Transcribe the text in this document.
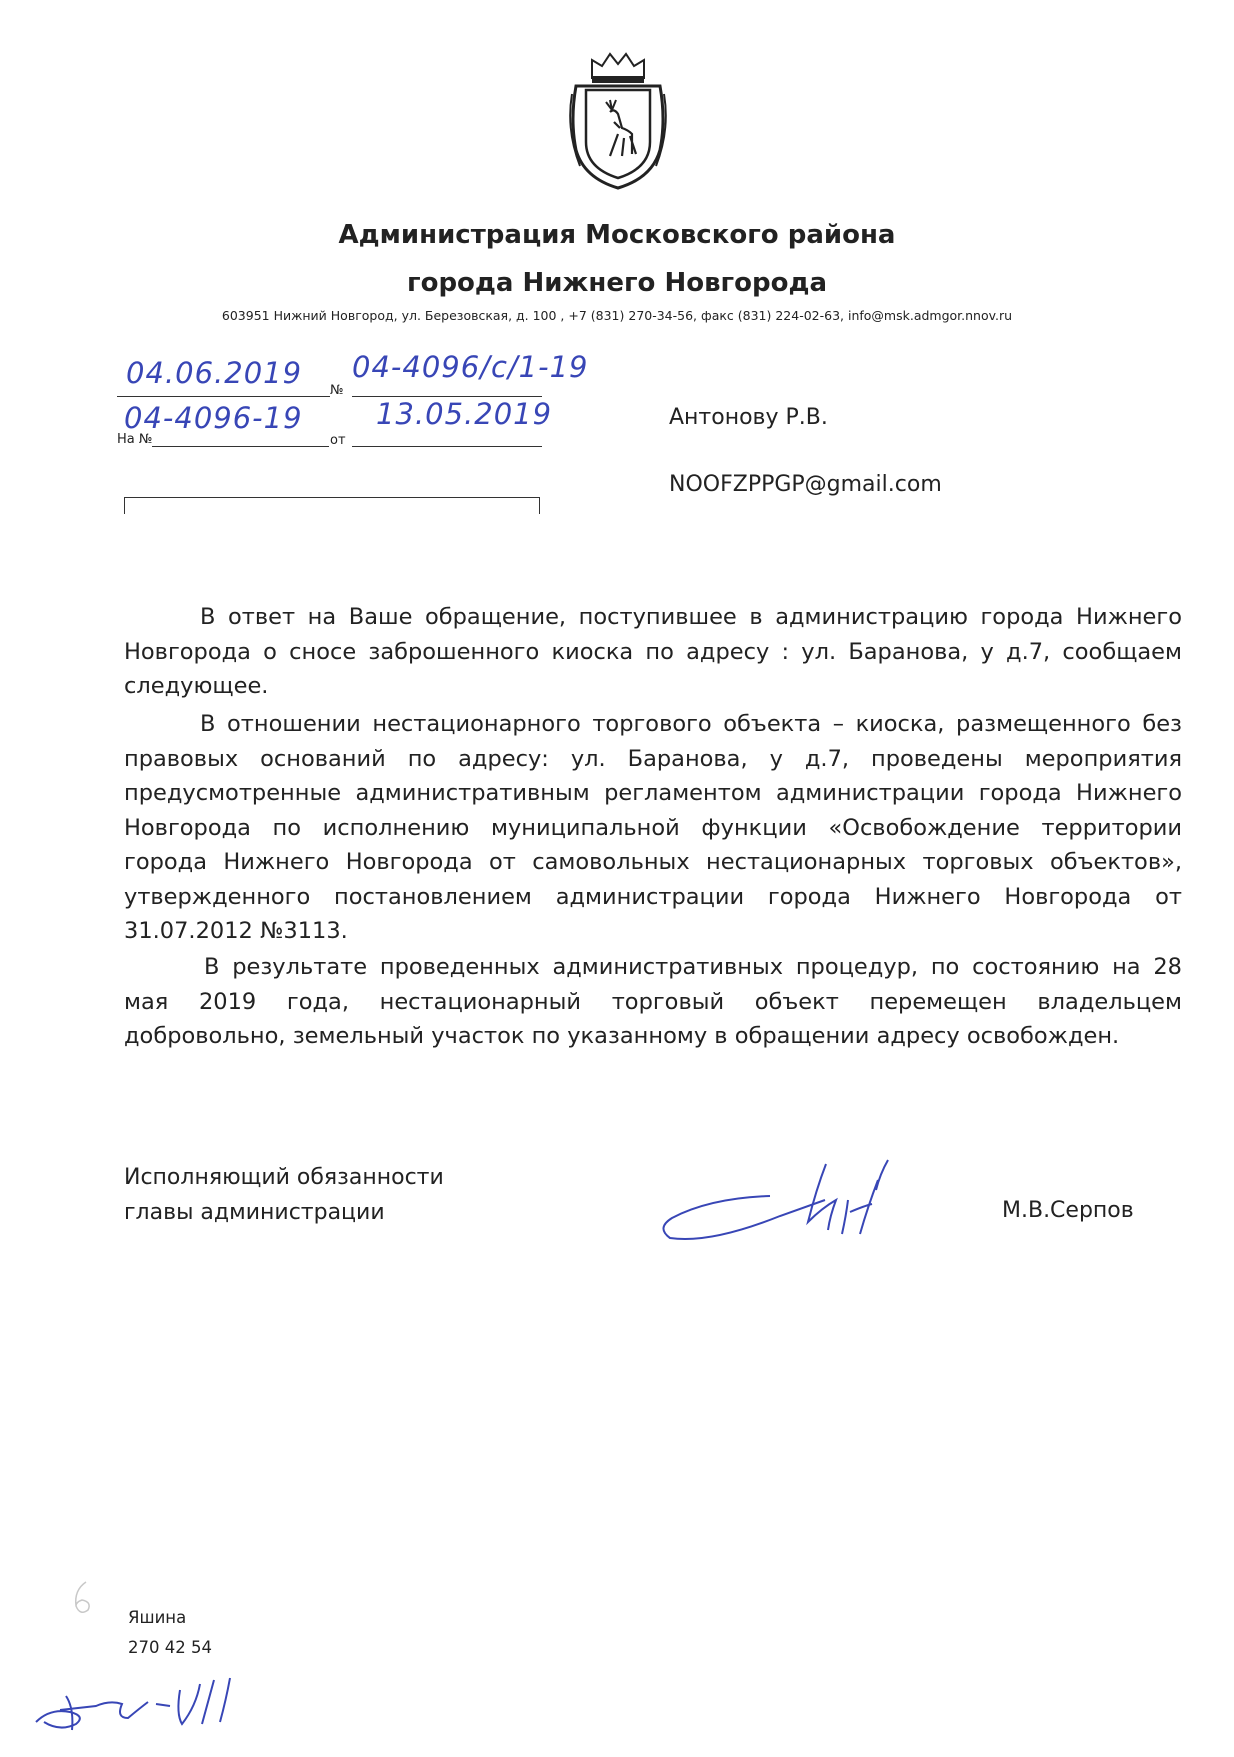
Администрация Московского района
города Нижнего Новгорода
603951 Нижний Новгород, ул. Березовская, д. 100 , +7 (831) 270-34-56, факс (831) 224-02-63, info@msk.admgor.nnov.ru
04.06.2019
№
04-4096/c/1-19
На №
04-4096-19
от
13.05.2019	Антонову Р.В.
NOOFZPPGP@gmail.com

В ответ на Ваше обращение, поступившее в администрацию города Нижнего Новгорода о сносе заброшенного киоска по адресу : ул. Баранова, у д.7, сообщаем следующее.

В отношении нестационарного торгового объекта – киоска, размещенного без правовых оснований по адресу: ул. Баранова, у д.7, проведены мероприятия предусмотренные административным регламентом администрации города Нижнего Новгорода по исполнению муниципальной функции «Освобождение территории города Нижнего Новгорода от самовольных нестационарных торговых объектов», утвержденного постановлением администрации города Нижнего Новгорода от 31.07.2012 №3113.

В результате проведенных административных процедур, по состоянию на 28 мая 2019 года, нестационарный торговый объект перемещен владельцем добровольно, земельный участок по указанному в обращении адресу освобожден.

Исполняющий обязанности
главы администрации	М.В.Серпов
Яшина
270 42 54
